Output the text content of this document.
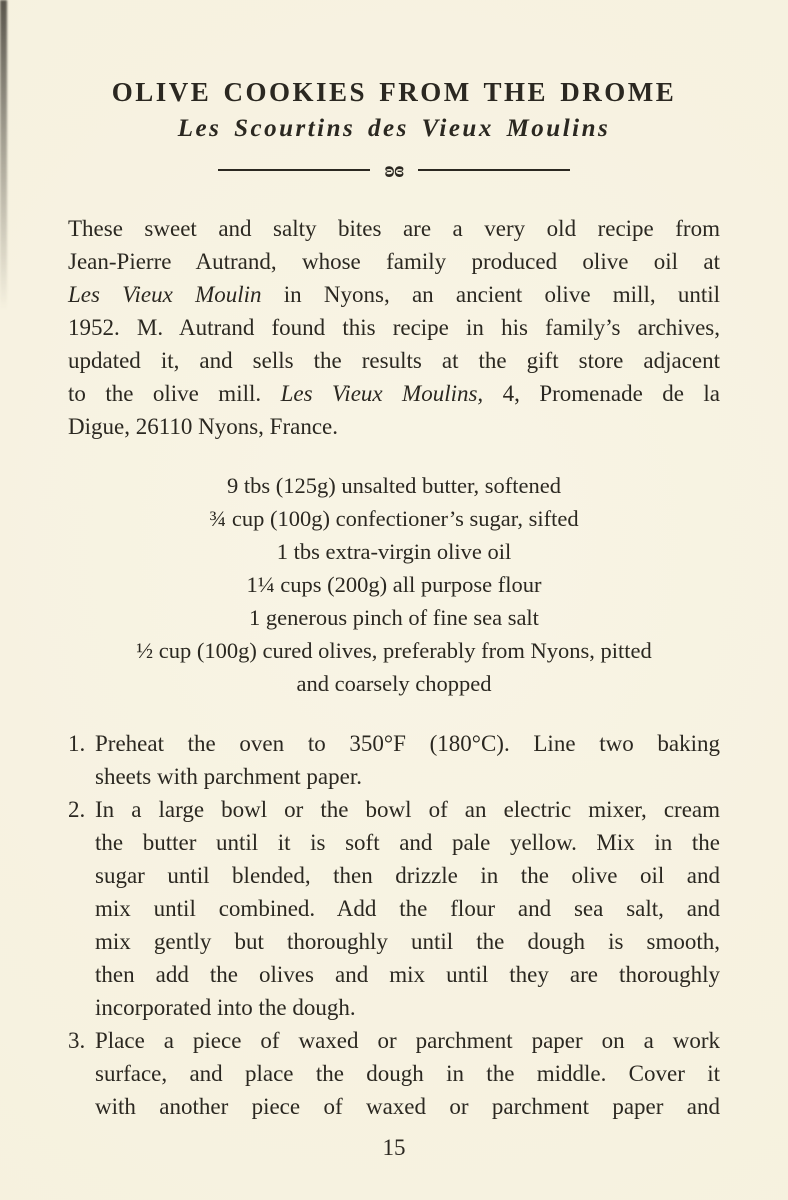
OLIVE COOKIES FROM THE DROME
Les Scourtins des Vieux Moulins
ʚɞ
These sweet and salty bites are a very old recipe from
Jean-Pierre Autrand, whose family produced olive oil at
Les Vieux Moulin in Nyons, an ancient olive mill, until
1952. M. Autrand found this recipe in his family’s archives,
updated it, and sells the results at the gift store adjacent
to the olive mill. Les Vieux Moulins, 4, Promenade de la
Digue, 26110 Nyons, France.
9 tbs (125g) unsalted butter, softened
¾ cup (100g) confectioner’s sugar, sifted
1 tbs extra-virgin olive oil
1¼ cups (200g) all purpose flour
1 generous pinch of fine sea salt
½ cup (100g) cured olives, preferably from Nyons, pitted
and coarsely chopped
1. Preheat the oven to 350°F (180°C). Line two baking
sheets with parchment paper.
2. In a large bowl or the bowl of an electric mixer, cream
the butter until it is soft and pale yellow. Mix in the
sugar until blended, then drizzle in the olive oil and
mix until combined. Add the flour and sea salt, and
mix gently but thoroughly until the dough is smooth,
then add the olives and mix until they are thoroughly
incorporated into the dough.
3. Place a piece of waxed or parchment paper on a work
surface, and place the dough in the middle. Cover it
with another piece of waxed or parchment paper and
15
